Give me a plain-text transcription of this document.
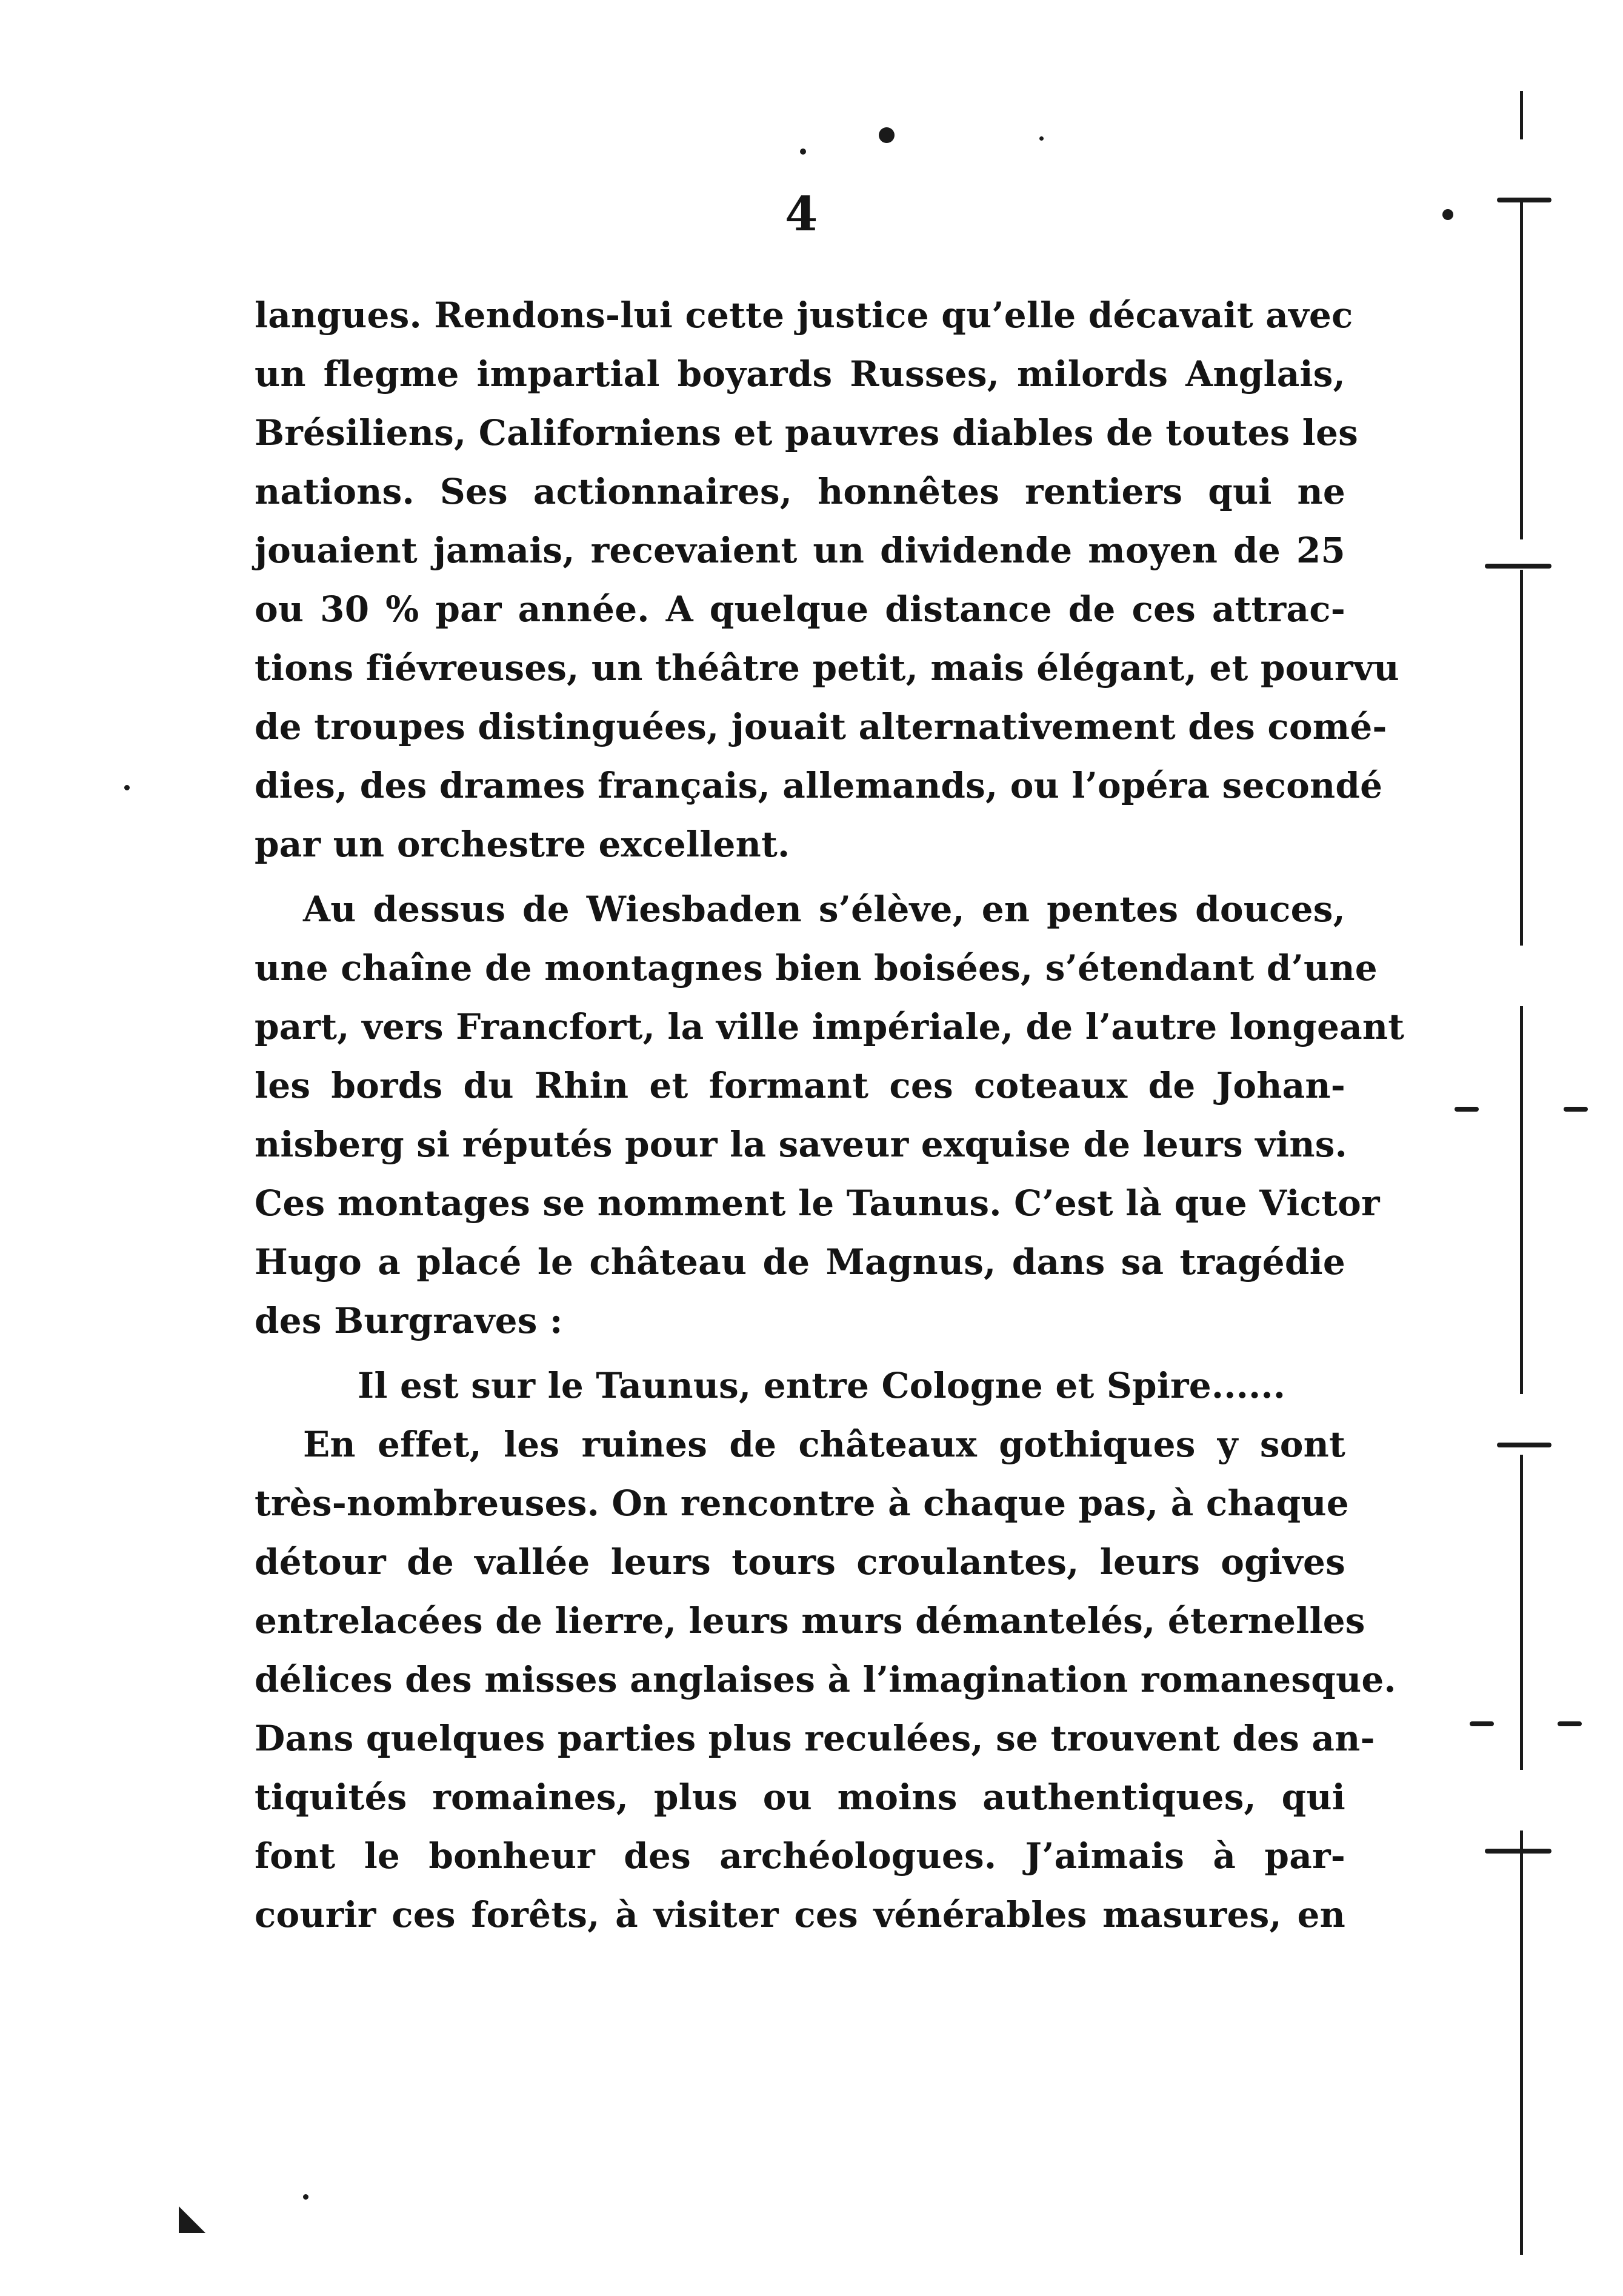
4
langues. Rendons-lui cette justice qu’elle décavait avec
un flegme impartial boyards Russes, milords Anglais,
Brésiliens, Californiens et pauvres diables de toutes les
nations. Ses actionnaires, honnêtes rentiers qui ne
jouaient jamais, recevaient un dividende moyen de 25
ou 30 % par année. A quelque distance de ces attrac-
tions fiévreuses, un théâtre petit, mais élégant, et pourvu
de troupes distinguées, jouait alternativement des comé-
dies, des drames français, allemands, ou l’opéra secondé
par un orchestre excellent.
Au dessus de Wiesbaden s’élève, en pentes douces,
une chaîne de montagnes bien boisées, s’étendant d’une
part, vers Francfort, la ville impériale, de l’autre longeant
les bords du Rhin et formant ces coteaux de Johan-
nisberg si réputés pour la saveur exquise de leurs vins.
Ces montages se nomment le Taunus. C’est là que Victor
Hugo a placé le château de Magnus, dans sa tragédie
des Burgraves :
Il est sur le Taunus, entre Cologne et Spire......
En effet, les ruines de châteaux gothiques y sont
très-nombreuses. On rencontre à chaque pas, à chaque
détour de vallée leurs tours croulantes, leurs ogives
entrelacées de lierre, leurs murs démantelés, éternelles
délices des misses anglaises à l’imagination romanesque.
Dans quelques parties plus reculées, se trouvent des an-
tiquités romaines, plus ou moins authentiques, qui
font le bonheur des archéologues. J’aimais à par-
courir ces forêts, à visiter ces vénérables masures, en
